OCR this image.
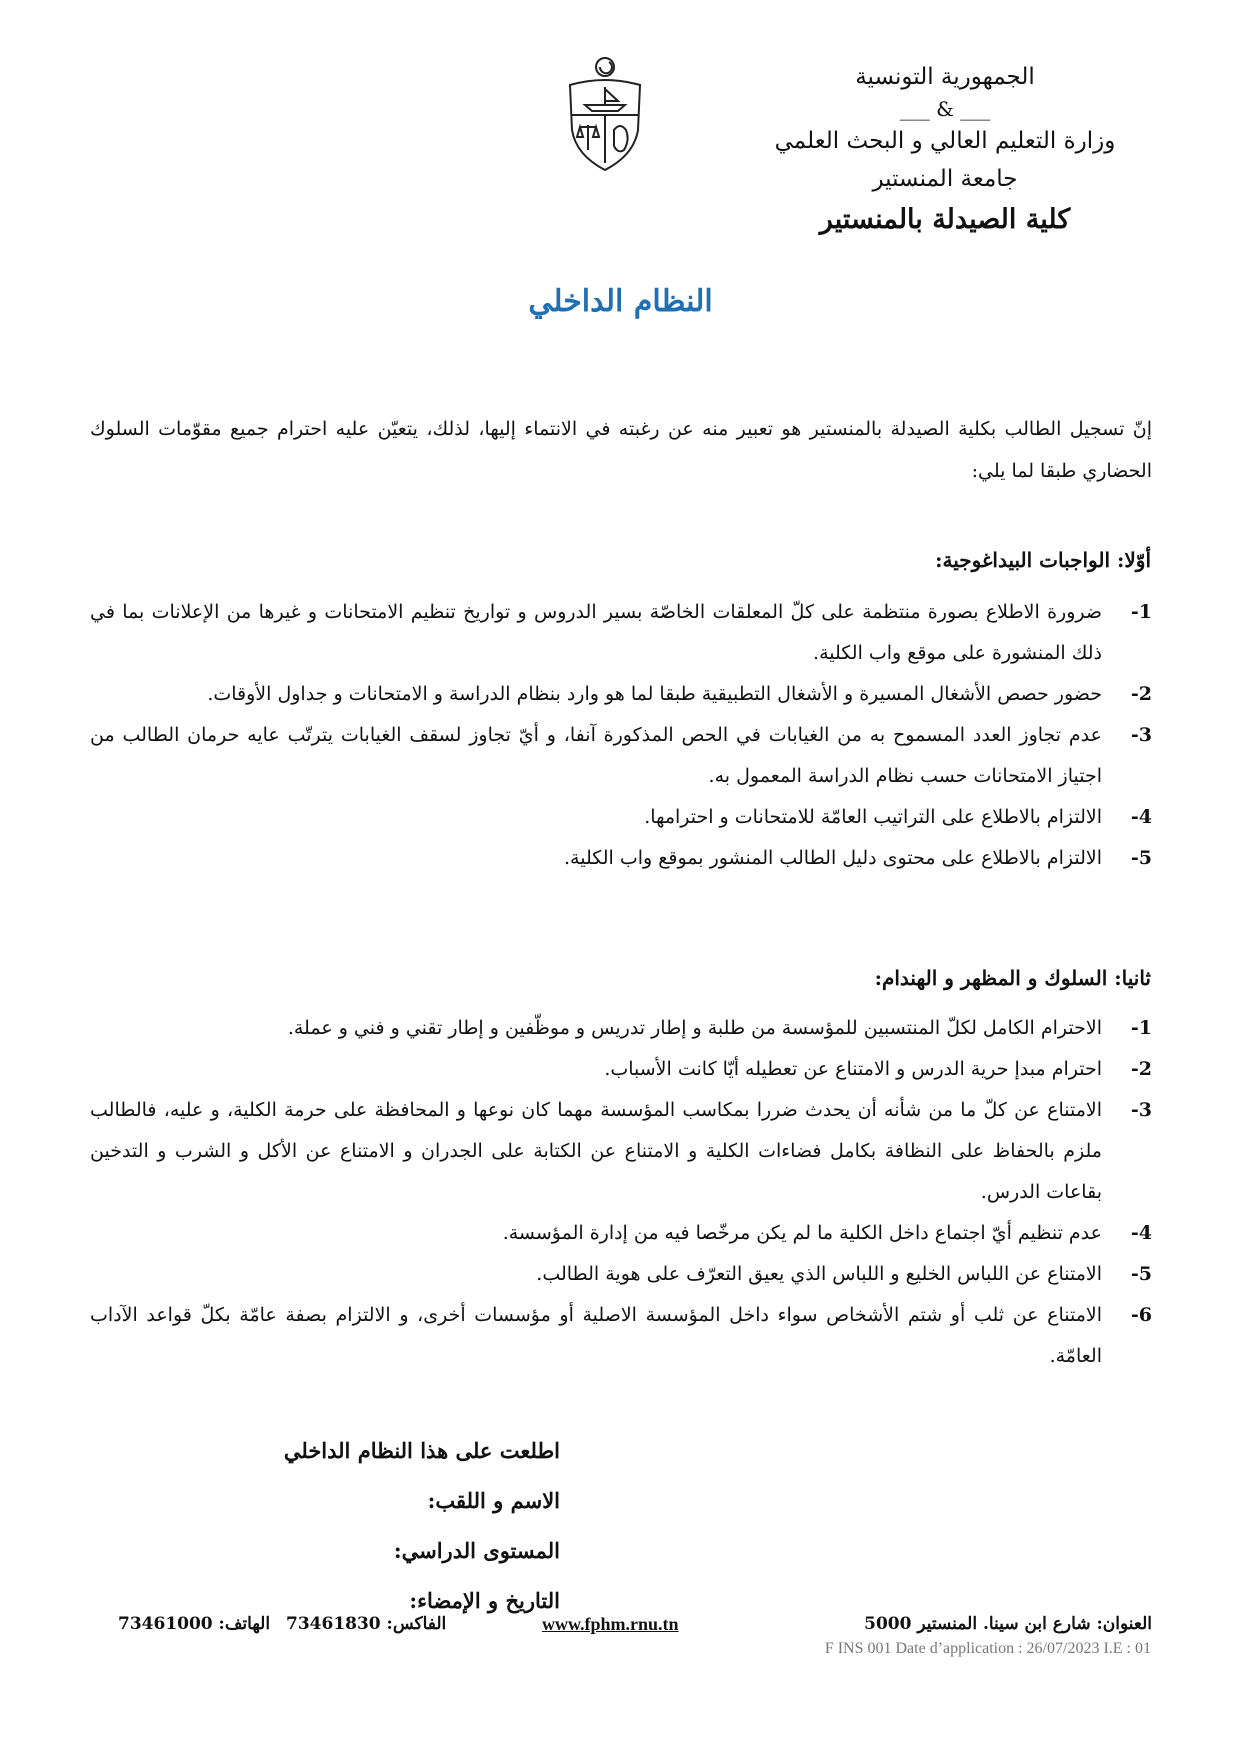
الجمهورية التونسية
___ & ___
وزارة التعليم العالي و البحث العلمي
جامعة المنستير
كلية الصيدلة بالمنستير
النظام الداخلي

إنّ تسجيل الطالب بكلية الصيدلة بالمنستير هو تعبير منه عن رغبته في الانتماء إليها، لذلك، يتعيّن عليه احترام جميع مقوّمات السلوك الحضاري طبقا لما يلي:

أوّلا: الواجبات البيداغوجية:
1-
ضرورة الاطلاع بصورة منتظمة على كلّ المعلقات الخاصّة بسير الدروس و تواريخ تنظيم الامتحانات و غيرها من الإعلانات بما في ذلك المنشورة على موقع واب الكلية.
2-
حضور حصص الأشغال المسيرة و الأشغال التطبيقية طبقا لما هو وارد بنظام الدراسة و الامتحانات و جداول الأوقات.
3-
عدم تجاوز العدد المسموح به من الغيابات في الحص المذكورة آنفا، و أيّ تجاوز لسقف الغيابات يترتّب عايه حرمان الطالب من اجتياز الامتحانات حسب نظام الدراسة المعمول به.
4-
الالتزام بالاطلاع على التراتيب العامّة للامتحانات و احترامها.
5-
الالتزام بالاطلاع على محتوى دليل الطالب المنشور بموقع واب الكلية.
ثانيا: السلوك و المظهر و الهندام:
1-
الاحترام الكامل لكلّ المنتسبين للمؤسسة من طلبة و إطار تدريس و موظّفين و إطار تقني و فني و عملة.
2-
احترام مبدإ حرية الدرس و الامتناع عن تعطيله أيّا كانت الأسباب.
3-
الامتناع عن كلّ ما من شأنه أن يحدث ضررا بمكاسب المؤسسة مهما كان نوعها و المحافظة على حرمة الكلية، و عليه، فالطالب ملزم بالحفاظ على النظافة بكامل فضاءات الكلية و الامتناع عن الكتابة على الجدران و الامتناع عن الأكل و الشرب و التدخين بقاعات الدرس.
4-
عدم تنظيم أيّ اجتماع داخل الكلية ما لم يكن مرخّصا فيه من إدارة المؤسسة.
5-
الامتناع عن اللباس الخليع و اللباس الذي يعيق التعرّف على هوية الطالب.
6-
الامتناع عن ثلب أو شتم الأشخاص سواء داخل المؤسسة الاصلية أو مؤسسات أخرى، و الالتزام بصفة عامّة بكلّ قواعد الآداب العامّة.
اطلعت على هذا النظام الداخلي
الاسم و اللقب:
المستوى الدراسي:
التاريخ و الإمضاء:
العنوان: شارع ابن سينا. المنستير 5000
www.fphm.rnu.tn
الفاكس: 73461830
الهاتف: 73461000
F INS 001 Date d’application : 26/07/2023 I.E : 01
